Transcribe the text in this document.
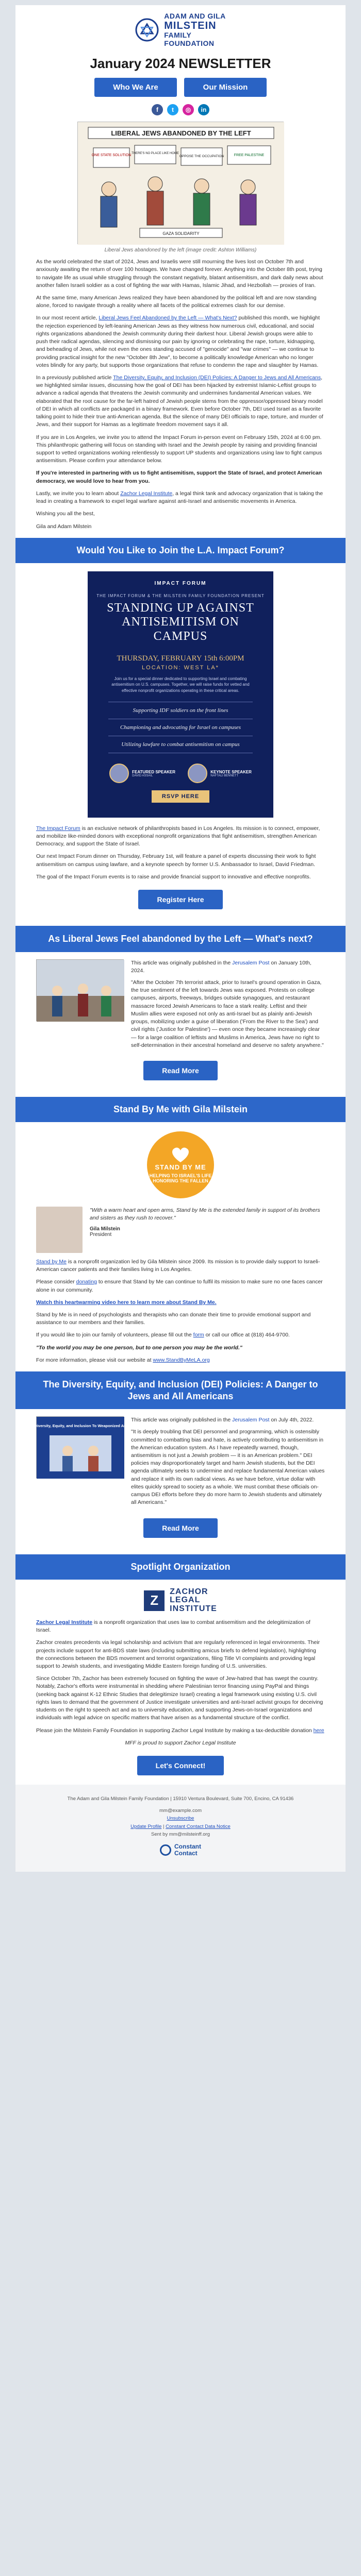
ADAM AND GILA
MILSTEIN
FAMILY
FOUNDATION
January 2024 NEWSLETTER
Who We Are	Our Mission
f	t	◎	in
LIBERAL JEWS ABANDONED BY THE LEFT
ONE STATE SOLUTION THERE'S NO PLACE LIKE HOME
OPPOSE THE OCCUPATION	FREE PALESTINE
GAZA SOLIDARITY
Liberal Jews abandoned by the left (image credit: Ashton Williams)

As the world celebrated the start of 2024, Jews and Israelis were still mourning the lives lost on October 7th and anxiously awaiting the return of over 100 hostages. We have changed forever. Anything into the October 8th post, trying to navigate life as usual while struggling through the constant negativity, blatant antisemitism, and dark daily news about another fallen Israeli soldier as a cost of fighting the war with Hamas, Islamic Jihad, and Hezbollah — proxies of Iran.

At the same time, many American Jews realized they have been abandoned by the political left and are now standing alone, forced to navigate through a reality where all facets of the political extremes clash for our demise.

In our most recent article, Liberal Jews Feel Abandoned by the Left — What's Next? published this month, we highlight the rejection experienced by left-leaning American Jews as they witness how numerous civil, educational, and social rights organizations abandoned the Jewish community during their darkest hour. Liberal Jewish groups were able to push their radical agendas, silencing and dismissing our pain by ignoring or celebrating the rape, torture, kidnapping, and beheading of Jews, while not even the ones standing accused of "genocide" and "war crimes" — we continue to providing practical insight for the new "October 8th Jew", to become a politically knowledge American who no longer votes blindly for any party, but supports those organizations that refuse to condemn the rape and slaughter by Hamas.

In a previously published article The Diversity, Equity, and Inclusion (DEI) Policies: A Danger to Jews and All Americans, we highlighted similar issues, discussing how the goal of DEI has been hijacked by extremist Islamic-Leftist groups to advance a radical agenda that threatens the Jewish community and undermines fundamental American values. We elaborated that the root cause for the far-left hatred of Jewish people stems from the oppressor/oppressed binary model of DEI in which all conflicts are packaged in a binary framework. Even before October 7th, DEI used Israel as a favorite talking point to hide their true anti-American agenda. But the silence of many DEI officials to rape, torture, and murder of Jews, and their support for Hamas as a legitimate freedom movement says it all.

If you are in Los Angeles, we invite you to attend the Impact Forum in-person event on February 15th, 2024 at 6:00 pm. This philanthropic gathering will focus on standing with Israel and the Jewish people by raising and providing financial support to vetted organizations working relentlessly to support UP students and organizations using law to fight campus antisemitism. Please confirm your attendance below.

If you're interested in partnering with us to fight antisemitism, support the State of Israel, and protect American democracy, we would love to hear from you.

Lastly, we invite you to learn about Zachor Legal Institute, a legal think tank and advocacy organization that is taking the lead in creating a framework to expel legal warfare against anti-Israel and antisemitic movements in America.

Wishing you all the best,

Gila and Adam Milstein

Would You Like to Join the L.A. Impact Forum?
IMPACT FORUM
THE IMPACT FORUM & THE MILSTEIN FAMILY FOUNDATION PRESENT
STANDING UP AGAINST ANTISEMITISM ON CAMPUS
THURSDAY, FEBRUARY 15th 6:00PM
LOCATION: WEST LA*
Join us for a special dinner dedicated to supporting Israel and combating antisemitism on U.S. campuses. Together, we will raise funds for vetted and effective nonprofit organizations operating in these critical areas.
Supporting IDF soldiers on the front lines
Championing and advocating for Israel on campuses
Utilizing lawfare to combat antisemitism on campus
FEATURED SPEAKER
DAVID ASSAIL
KEYNOTE SPEAKER
NAFTALI BENNETT
RSVP HERE

The Impact Forum is an exclusive network of philanthropists based in Los Angeles. Its mission is to connect, empower, and mobilize like-minded donors with exceptional nonprofit organizations that fight antisemitism, strengthen American Democracy, and support the State of Israel.

Our next Impact Forum dinner on Thursday, February 1st, will feature a panel of experts discussing their work to fight antisemitism on campus using lawfare, and a keynote speech by former U.S. Ambassador to Israel, David Friedman.

The goal of the Impact Forum events is to raise and provide financial support to innovative and effective nonprofits.

Register Here
As Liberal Jews Feel abandoned by the Left — What's next?

This article was originally published in the Jerusalem Post on January 10th, 2024.

"After the October 7th terrorist attack, prior to Israel's ground operation in Gaza, the true sentiment of the left towards Jews was exposed. Protests on college campuses, airports, freeways, bridges outside synagogues, and restaurant massacre forced Jewish Americans to face a stark reality. Leftist and their Muslim allies were exposed not only as anti-Israel but as plainly anti-Jewish groups, mobilizing under a guise of liberation ('From the River to the Sea') and civil rights ('Justice for Palestine') — even once they became increasingly clear — for a large coalition of leftists and Muslims in America, Jews have no right to self-determination in their ancestral homeland and deserve no safety anywhere."

Read More
Stand By Me with Gila Milstein
STAND BY ME
HELPING TO ISRAEL'S LIFE HONORING THE FALLEN
"With a warm heart and open arms, Stand by Me is the extended family in support of its brothers and sisters as they rush to recover."
Gila Milstein
President

Stand by Me is a nonprofit organization led by Gila Milstein since 2009. Its mission is to provide daily support to Israeli-American cancer patients and their families living in Los Angeles.

Please consider donating to ensure that Stand by Me can continue to fulfil its mission to make sure no one faces cancer alone in our community.

Watch this heartwarming video here to learn more about Stand By Me.

Stand by Me is in need of psychologists and therapists who can donate their time to provide emotional support and assistance to our members and their families.

If you would like to join our family of volunteers, please fill out the form or call our office at (818) 464-9700.

"To the world you may be one person, but to one person you may be the world."

For more information, please visit our website at www.StandByMeLA.org

The Diversity, Equity, and Inclusion (DEI) Policies: A Danger to Jews and All Americans
From Diversity, Equity, and Inclusion To Weaponized Agendas

This article was originally published in the Jerusalem Post on July 4th, 2022.

"It is deeply troubling that DEI personnel and programming, which is ostensibly committed to combatting bias and hate, is actively contributing to antisemitism in the American education system. As I have repeatedly warned, though, antisemitism is not just a Jewish problem — it is an American problem." DEI policies may disproportionately target and harm Jewish students, but the DEI agenda ultimately seeks to undermine and replace fundamental American values and replace it with its own radical views. As we have before, virtue dollar with elites quickly spread to society as a whole. We must combat these officials on-campus DEI efforts before they do more harm to Jewish students and ultimately all Americans."

Read More
Spotlight Organization
Z
ZACHOR
LEGAL
INSTITUTE

Zachor Legal Institute is a nonprofit organization that uses law to combat antisemitism and the delegitimization of Israel.

Zachor creates precedents via legal scholarship and activism that are regularly referenced in legal environments. Their projects include support for anti-BDS state laws (including submitting amicus briefs to defend legislation), highlighting the connections between the BDS movement and terrorist organizations, filing Title VI complaints and providing legal support to Jewish students, and investigating Middle Eastern foreign funding of U.S. universities.

Since October 7th, Zachor has been extremely focused on fighting the wave of Jew-hatred that has swept the country. Notably, Zachor's efforts were instrumental in shedding where Palestinian terror financing using PayPal and things (seeking back against K-12 Ethnic Studies that delegitimize Israel) creating a legal framework using existing U.S. civil rights laws to demand that the government of Justice investigate universities and anti-Israel activist groups for deceiving students on the right to speech act and as to university education, and supporting Jews-on-Israel organizations and individuals with legal advice on specific matters that have arisen as a fundamental structure of the conflict.

Please join the Milstein Family Foundation in supporting Zachor Legal Institute by making a tax-deductible donation here

MFF is proud to support Zachor Legal Institute

Let's Connect!
The Adam and Gila Milstein Family Foundation | 15910 Ventura Boulevard, Suite 700, Encino, CA 91436
mm@example.com
Unsubscribe
Update Profile | Constant Contact Data Notice
Sent by mm@milsteinff.org
Constant
Contact
